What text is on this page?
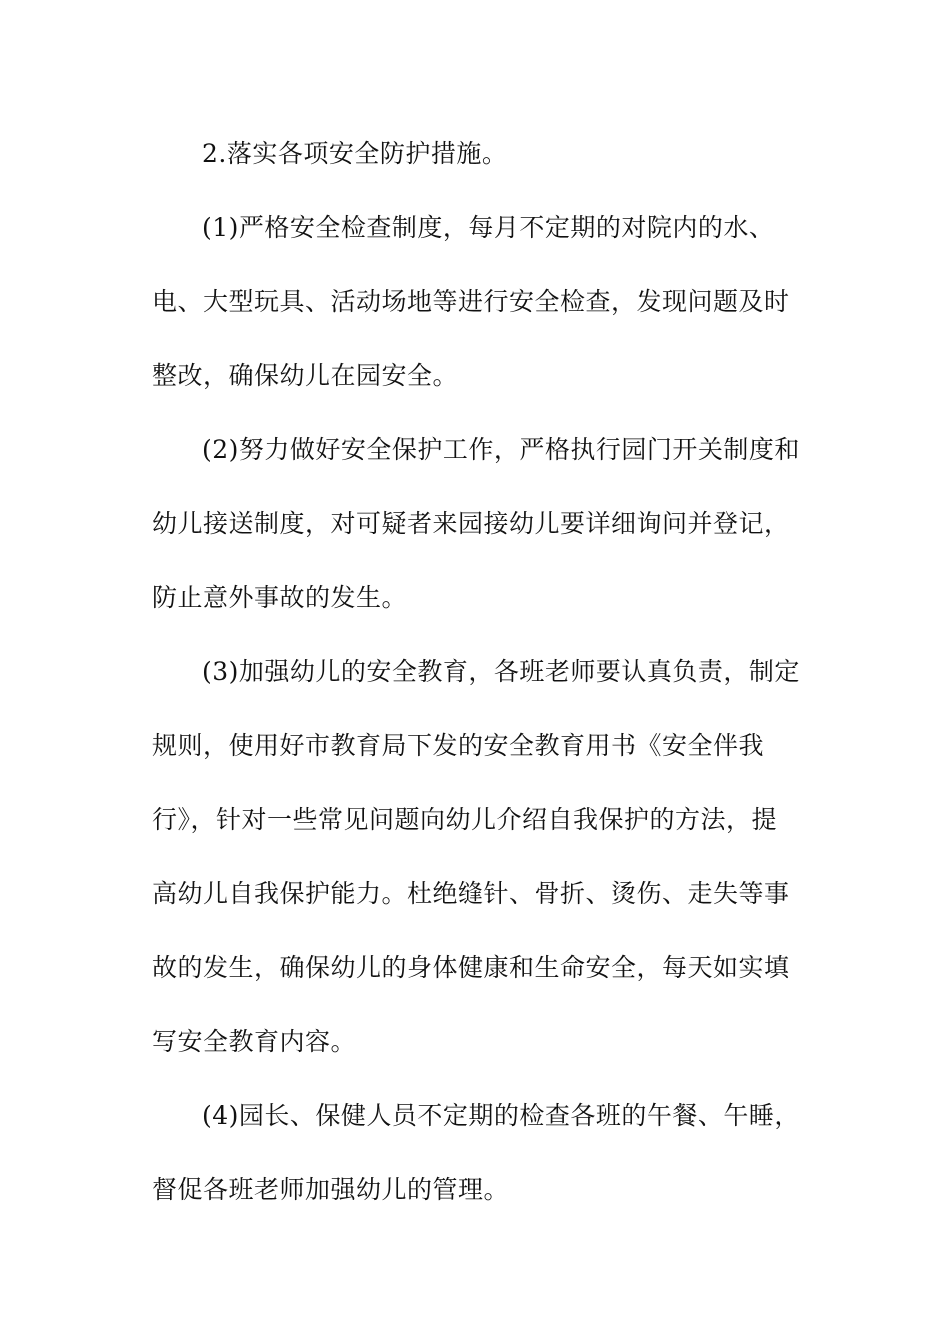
2.落实各项安全防护措施。
(1)严格安全检查制度，每月不定期的对院内的水、
电、大型玩具、活动场地等进行安全检查，发现问题及时
整改，确保幼儿在园安全。
(2)努力做好安全保护工作，严格执行园门开关制度和
幼儿接送制度，对可疑者来园接幼儿要详细询问并登记，
防止意外事故的发生。
(3)加强幼儿的安全教育，各班老师要认真负责，制定
规则，使用好市教育局下发的安全教育用书《安全伴我
行》，针对一些常见问题向幼儿介绍自我保护的方法，提
高幼儿自我保护能力。杜绝缝针、骨折、烫伤、走失等事
故的发生，确保幼儿的身体健康和生命安全，每天如实填
写安全教育内容。
(4)园长、保健人员不定期的检查各班的午餐、午睡，
督促各班老师加强幼儿的管理。
